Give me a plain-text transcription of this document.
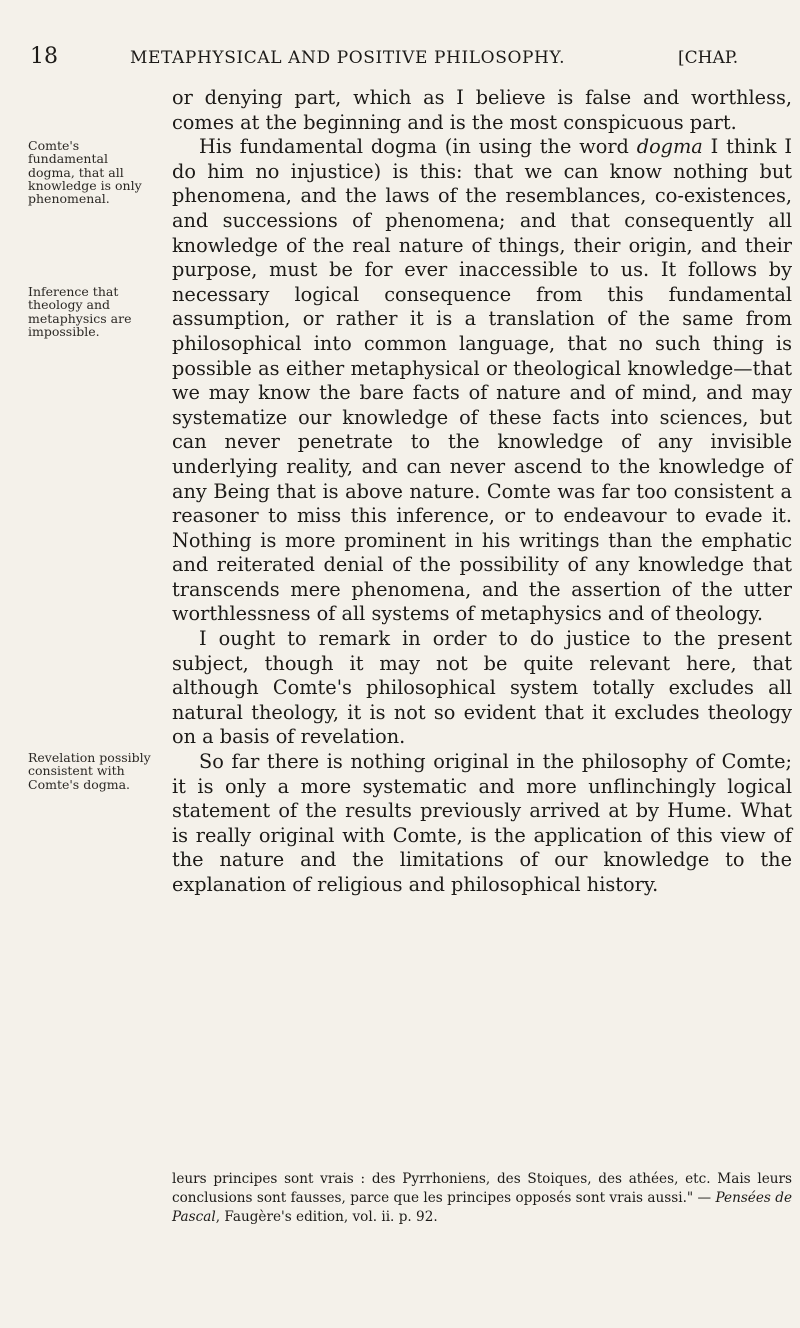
18	METAPHYSICAL AND POSITIVE PHILOSOPHY.	[CHAP.
Comte's fundamental dogma, that all knowledge is only phenomenal.
Inference that theology and metaphysics are impossible.
Revelation possibly consistent with Comte's dogma.

or denying part, which as I believe is false and worthless, comes at the beginning and is the most conspicuous part.

His fundamental dogma (in using the word dogma I think I do him no injustice) is this: that we can know nothing but phenomena, and the laws of the resemblances, co-existences, and successions of phenomena; and that consequently all knowledge of the real nature of things, their origin, and their purpose, must be for ever inaccessible to us. It follows by necessary logical consequence from this fundamental assumption, or rather it is a translation of the same from philosophical into common language, that no such thing is possible as either metaphysical or theological knowledge—that we may know the bare facts of nature and of mind, and may systematize our knowledge of these facts into sciences, but can never penetrate to the knowledge of any invisible underlying reality, and can never ascend to the knowledge of any Being that is above nature. Comte was far too consistent a reasoner to miss this inference, or to endeavour to evade it. Nothing is more prominent in his writings than the emphatic and reiterated denial of the possibility of any knowledge that transcends mere phenomena, and the assertion of the utter worthlessness of all systems of metaphysics and of theology.

I ought to remark in order to do justice to the present subject, though it may not be quite relevant here, that although Comte's philosophical system totally excludes all natural theology, it is not so evident that it excludes theology on a basis of revelation.

So far there is nothing original in the philosophy of Comte; it is only a more systematic and more unflinchingly logical statement of the results previously arrived at by Hume. What is really original with Comte, is the application of this view of the nature and the limitations of our knowledge to the explanation of religious and philosophical history.

leurs principes sont vrais : des Pyrrhoniens, des Stoiques, des athées, etc. Mais leurs conclusions sont fausses, parce que les principes opposés sont vrais aussi." — Pensées de Pascal, Faugère's edition, vol. ii. p. 92.
